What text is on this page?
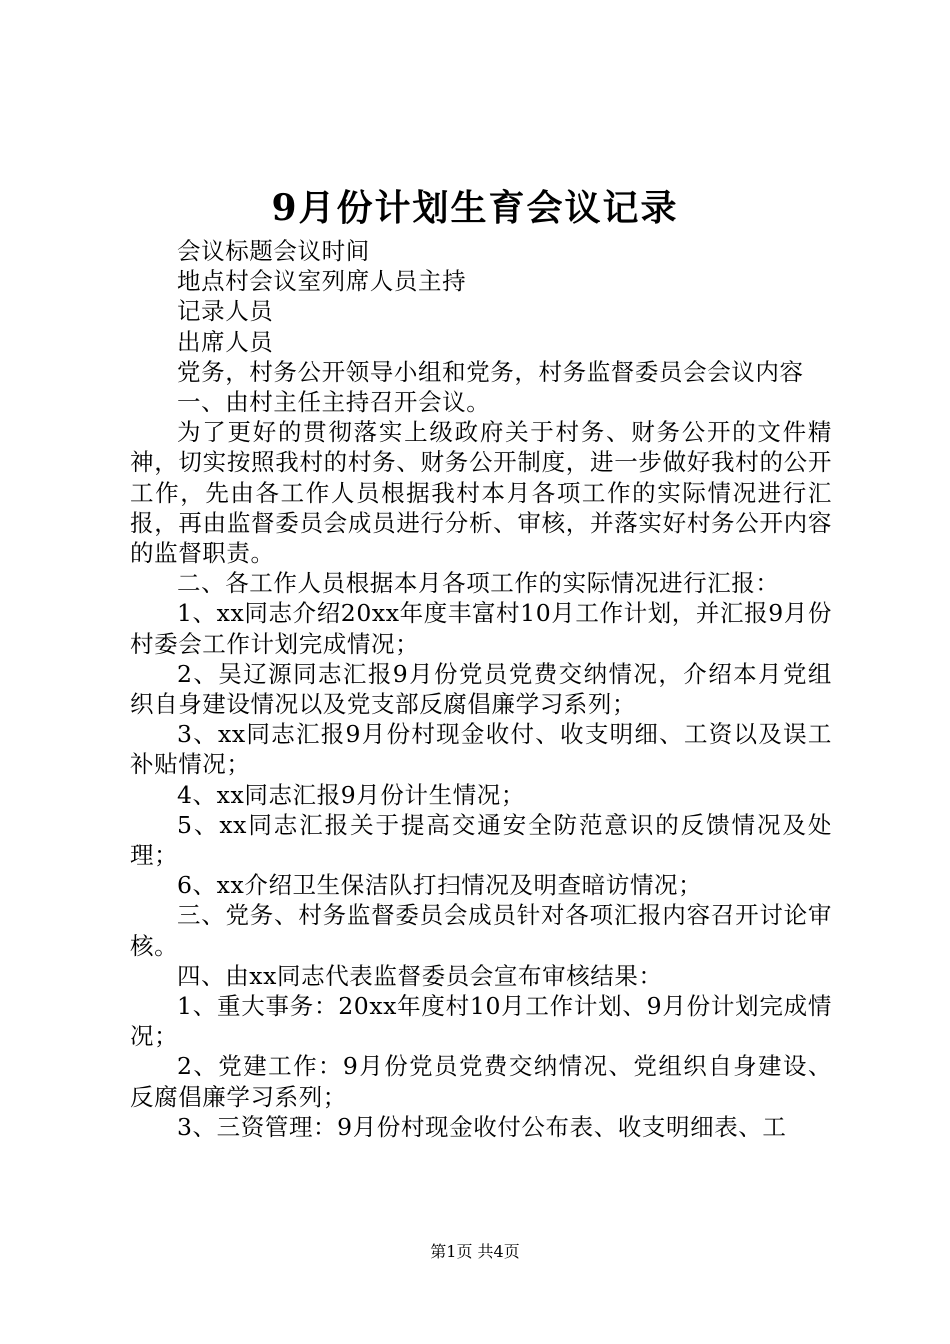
9月份计划生育会议记录

会议标题会议时间

地点村会议室列席人员主持

记录人员

出席人员

党务，村务公开领导小组和党务，村务监督委员会会议内容

一、由村主任主持召开会议。

为了更好的贯彻落实上级政府关于村务、财务公开的文件精神，切实按照我村的村务、财务公开制度，进一步做好我村的公开工作，先由各工作人员根据我村本月各项工作的实际情况进行汇报，再由监督委员会成员进行分析、审核，并落实好村务公开内容的监督职责。

二、各工作人员根据本月各项工作的实际情况进行汇报：

1、xx同志介绍20xx年度丰富村10月工作计划，并汇报9月份村委会工作计划完成情况；

2、吴辽源同志汇报9月份党员党费交纳情况，介绍本月党组织自身建设情况以及党支部反腐倡廉学习系列；

3、xx同志汇报9月份村现金收付、收支明细、工资以及误工补贴情况；

4、xx同志汇报9月份计生情况；

5、xx同志汇报关于提高交通安全防范意识的反馈情况及处理；

6、xx介绍卫生保洁队打扫情况及明查暗访情况；

三、党务、村务监督委员会成员针对各项汇报内容召开讨论审核。

四、由xx同志代表监督委员会宣布审核结果：

1、重大事务：20xx年度村10月工作计划、9月份计划完成情况；

2、党建工作：9月份党员党费交纳情况、党组织自身建设、反腐倡廉学习系列；

3、三资管理：9月份村现金收付公布表、收支明细表、工

第1页 共4页
